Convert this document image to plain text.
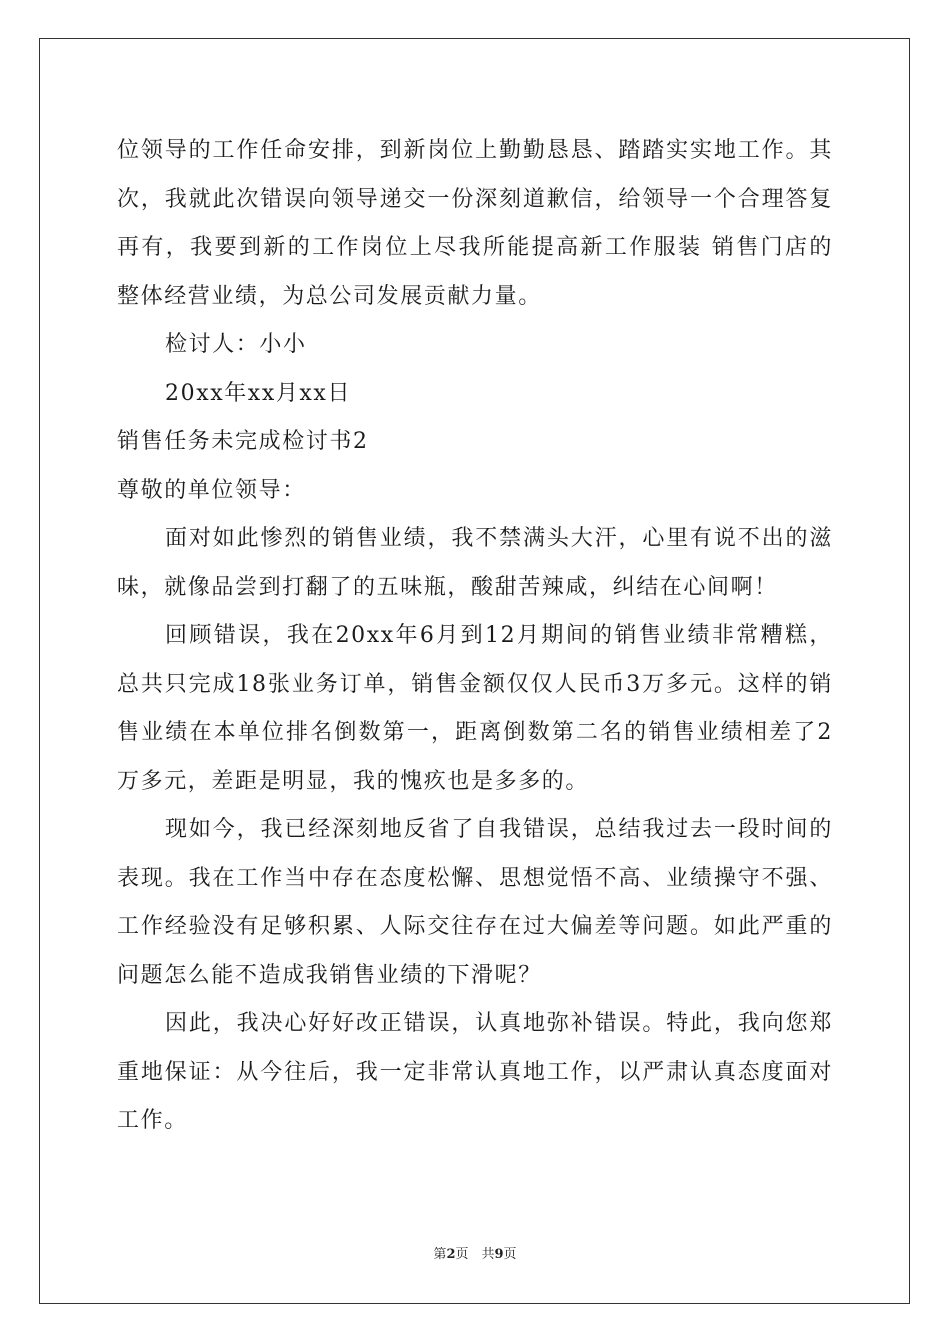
位领导的工作任命安排，到新岗位上勤勤恳恳、踏踏实实地工作。其次，我就此次错误向领导递交一份深刻道歉信，给领导一个合理答复再有，我要到新的工作岗位上尽我所能提高新工作服装 销售门店的整体经营业绩，为总公司发展贡献力量。

检讨人：小小

20xx年xx月xx日

销售任务未完成检讨书2

尊敬的单位领导：

面对如此惨烈的销售业绩，我不禁满头大汗，心里有说不出的滋味，就像品尝到打翻了的五味瓶，酸甜苦辣咸，纠结在心间啊！

回顾错误，我在20xx年6月到12月期间的销售业绩非常糟糕，总共只完成18张业务订单，销售金额仅仅人民币3万多元。这样的销售业绩在本单位排名倒数第一，距离倒数第二名的销售业绩相差了2万多元，差距是明显，我的愧疚也是多多的。

现如今，我已经深刻地反省了自我错误，总结我过去一段时间的表现。我在工作当中存在态度松懈、思想觉悟不高、业绩操守不强、工作经验没有足够积累、人际交往存在过大偏差等问题。如此严重的问题怎么能不造成我销售业绩的下滑呢？

因此，我决心好好改正错误，认真地弥补错误。特此，我向您郑重地保证：从今往后，我一定非常认真地工作，以严肃认真态度面对工作。

第2页　共9页
